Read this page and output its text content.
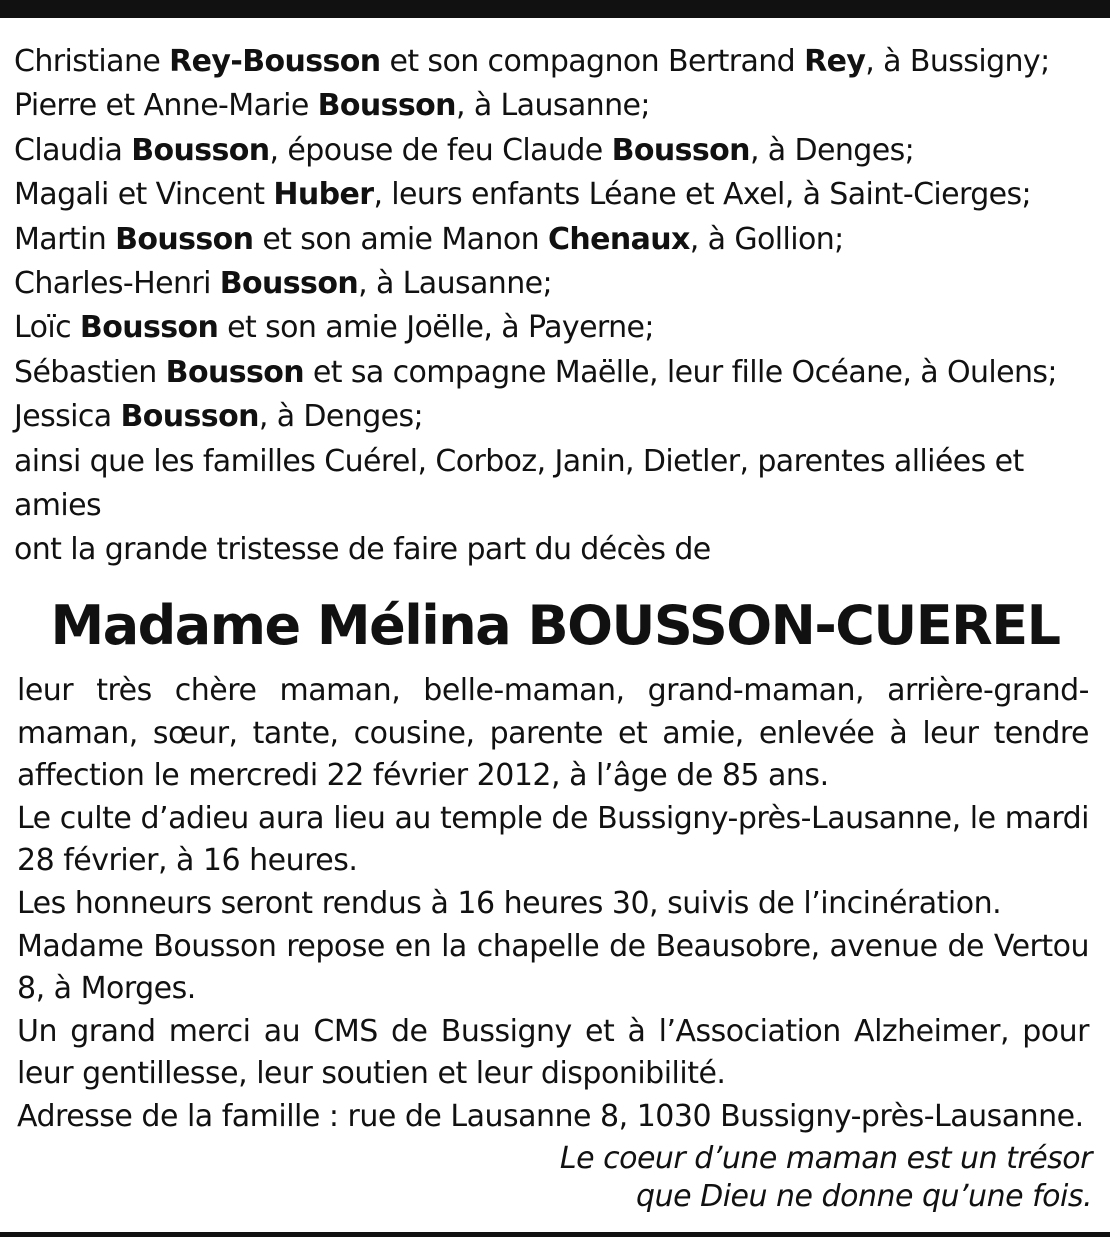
Christiane Rey-Bousson et son compagnon Bertrand Rey, à Bussigny;
Pierre et Anne-Marie Bousson, à Lausanne;
Claudia Bousson, épouse de feu Claude Bousson, à Denges;
Magali et Vincent Huber, leurs enfants Léane et Axel, à Saint-Cierges;
Martin Bousson et son amie Manon Chenaux, à Gollion;
Charles-Henri Bousson, à Lausanne;
Loïc Bousson et son amie Joëlle, à Payerne;
Sébastien Bousson et sa compagne Maëlle, leur fille Océane, à Oulens;
Jessica Bousson, à Denges;
ainsi que les familles Cuérel, Corboz, Janin, Dietler, parentes alliées et
amies
ont la grande tristesse de faire part du décès de
Madame Mélina BOUSSON-CUEREL

leur très chère maman, belle-maman, grand-maman, arrière-grand-maman, sœur, tante, cousine, parente et amie, enlevée à leur tendre affection le mercredi 22 février 2012, à l’âge de 85 ans.

Le culte d’adieu aura lieu au temple de Bussigny-près-Lausanne, le mardi 28 février, à 16 heures.

Les honneurs seront rendus à 16 heures 30, suivis de l’incinération.

Madame Bousson repose en la chapelle de Beausobre, avenue de Vertou 8, à Morges.

Un grand merci au CMS de Bussigny et à l’Association Alzheimer, pour leur gentillesse, leur soutien et leur disponibilité.

Adresse de la famille : rue de Lausanne 8, 1030 Bussigny-près-Lausanne.

Le coeur d’une maman est un trésor
que Dieu ne donne qu’une fois.
